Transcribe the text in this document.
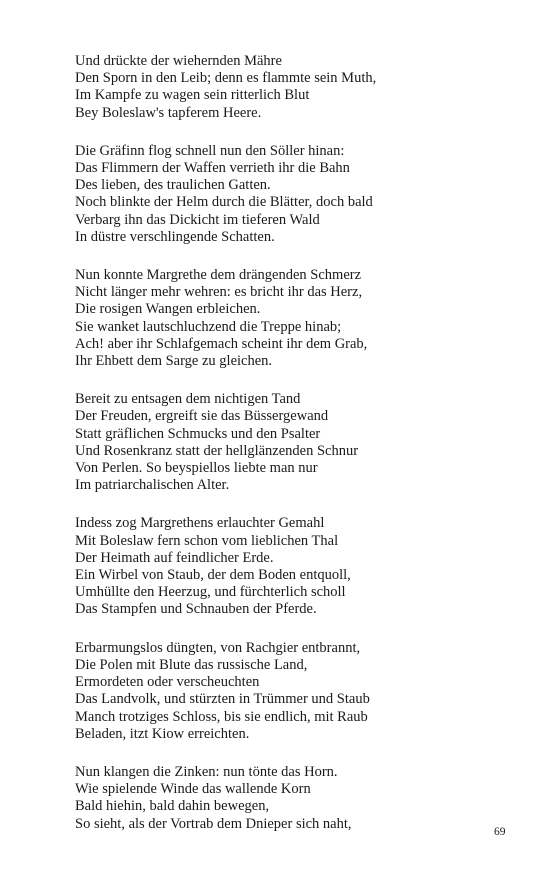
Und drückte der wiehernden Mähre
Den Sporn in den Leib; denn es flammte sein Muth,
Im Kampfe zu wagen sein ritterlich Blut
Bey Boleslaw's tapferem Heere.
Die Gräfinn flog schnell nun den Söller hinan:
Das Flimmern der Waffen verrieth ihr die Bahn
Des lieben, des traulichen Gatten.
Noch blinkte der Helm durch die Blätter, doch bald
Verbarg ihn das Dickicht im tieferen Wald
In düstre verschlingende Schatten.
Nun konnte Margrethe dem drängenden Schmerz
Nicht länger mehr wehren: es bricht ihr das Herz,
Die rosigen Wangen erbleichen.
Sie wanket lautschluchzend die Treppe hinab;
Ach! aber ihr Schlafgemach scheint ihr dem Grab,
Ihr Ehbett dem Sarge zu gleichen.
Bereit zu entsagen dem nichtigen Tand
Der Freuden, ergreift sie das Büssergewand
Statt gräflichen Schmucks und den Psalter
Und Rosenkranz statt der hellglänzenden Schnur
Von Perlen. So beyspiellos liebte man nur
Im patriarchalischen Alter.
Indess zog Margrethens erlauchter Gemahl
Mit Boleslaw fern schon vom lieblichen Thal
Der Heimath auf feindlicher Erde.
Ein Wirbel von Staub, der dem Boden entquoll,
Umhüllte den Heerzug, und fürchterlich scholl
Das Stampfen und Schnauben der Pferde.
Erbarmungslos düngten, von Rachgier entbrannt,
Die Polen mit Blute das russische Land,
Ermordeten oder verscheuchten
Das Landvolk, und stürzten in Trümmer und Staub
Manch trotziges Schloss, bis sie endlich, mit Raub
Beladen, itzt Kiow erreichten.
Nun klangen die Zinken: nun tönte das Horn.
Wie spielende Winde das wallende Korn
Bald hiehin, bald dahin bewegen,
So sieht, als der Vortrab dem Dnieper sich naht,
69
